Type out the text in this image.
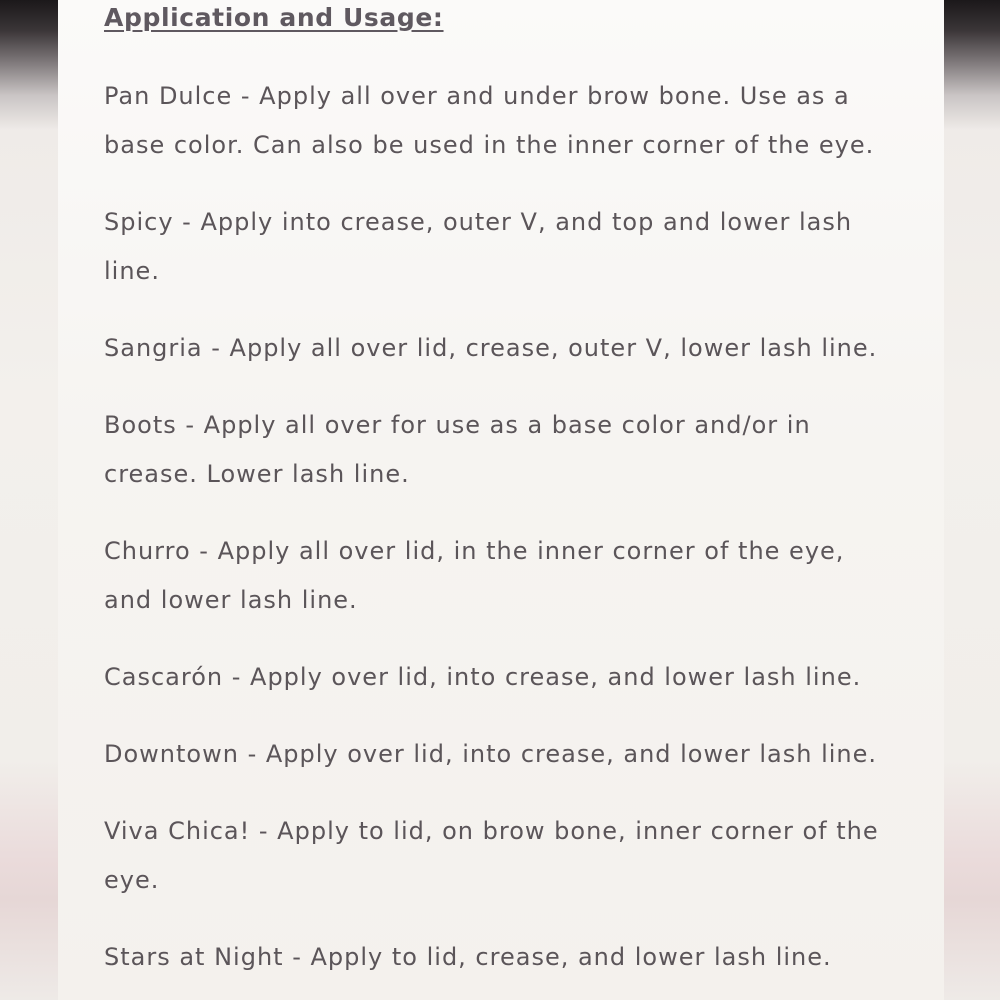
Application and Usage:

Pan Dulce - Apply all over and under brow bone. Use as a
base color. Can also be used in the inner corner of the eye.

Spicy - Apply into crease, outer V, and top and lower lash
line.

Sangria - Apply all over lid, crease, outer V, lower lash line.

Boots - Apply all over for use as a base color and/or in
crease. Lower lash line.

Churro - Apply all over lid, in the inner corner of the eye,
and lower lash line.

Cascarón - Apply over lid, into crease, and lower lash line.

Downtown - Apply over lid, into crease, and lower lash line.

Viva Chica! - Apply to lid, on brow bone, inner corner of the
eye.

Stars at Night - Apply to lid, crease, and lower lash line.
